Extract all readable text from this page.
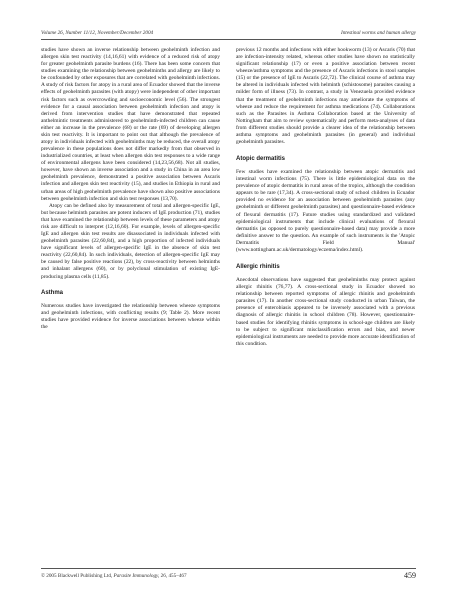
Volume 26, Number 11/12, November/December 2004	Intestinal worms and human allergy

studies have shown an inverse relationship between geohelminth infection and allergen skin test reactivity (14,16,61) with evidence of a reduced risk of atopy for greater geohelminth parasite burdens (16). There has been some concern that studies examining the relationship between geohelminths and allergy are likely to be confounded by other exposures that are correlated with geohelminth infections. A study of risk factors for atopy in a rural area of Ecuador showed that the inverse effects of geohelminth parasites (with atopy) were independent of other important risk factors such as overcrowding and socioeconomic level (56). The strongest evidence for a causal association between geohelminth infection and atopy is derived from intervention studies that have demonstrated that repeated anthelmintic treatments administered to geohelminth-infected children can cause either an increase in the prevalence (68) or the rate (69) of developing allergen skin test reactivity. It is important to point out that although the prevalence of atopy in individuals infected with geohelminths may be reduced, the overall atopy prevalence in these populations does not differ markedly from that observed in industrialized countries, at least when allergen skin test responses to a wide range of environmental allergens have been considered (14,23,56,68). Not all studies, however, have shown an inverse association and a study in China in an area low geohelminth prevalence, demonstrated a positive association between Ascaris infection and allergen skin test reactivity (15), and studies in Ethiopia in rural and urban areas of high geohelminth prevalence have shown also positive associations between geohelminth infection and skin test responses (13,70).

Atopy can be defined also by measurement of total and allergen-specific IgE, but because helminth parasites are potent inducers of IgE production (71), studies that have examined the relationship between levels of these parameters and atopy risk are difficult to interpret (12,16,60). For example, levels of allergen-specific IgE and allergen skin test results are disassociated in individuals infected with geohelminth parasites (22,60,84), and a high proportion of infected individuals have significant levels of allergen-specific IgE in the absence of skin test reactivity (22,60,84). In such individuals, detection of allergen-specific IgE may be caused by false positive reactions (22), by cross-reactivity between helminths and inhalant allergens (60), or by polyclonal stimulation of existing IgE-producing plasma cells (11,85).

Asthma

Numerous studies have investigated the relationship between wheeze symptoms and geohelminth infections, with conflicting results (9; Table 2). More recent studies have provided evidence for inverse associations between wheeze within the

previous 12 months and infections with either hookworm (13) or Ascaris (70) that are infection-intensity related, whereas other studies have shown no statistically significant relationship (17) or even a positive association between recent wheeze/asthma symptoms and the presence of Ascaris infections in stool samples (15) or the presence of IgE to Ascaris (22,72). The clinical course of asthma may be altered in individuals infected with helminth (schistosome) parasites causing a milder form of illness (73). In contrast, a study in Venezuela provided evidence that the treatment of geohelminth infections may ameliorate the symptoms of wheeze and reduce the requirement for asthma medications (74). Collaborations such as the Parasites in Asthma Collaboration based at the University of Nottingham that aim to review systematically and perform meta-analyses of data from different studies should provide a clearer idea of the relationship between asthma symptoms and geohelminth parasites (in general) and individual geohelminth parasites.

Atopic dermatitis

Few studies have examined the relationship between atopic dermatitis and intestinal worm infections (75). There is little epidemiological data on the prevalence of atopic dermatitis in rural areas of the tropics, although the condition appears to be rare (17,34). A cross-sectional study of school children in Ecuador provided no evidence for an association between geohelminth parasites (any geohelminth or different geohelminth parasites) and questionnaire-based evidence of flexural dermatitis (17). Future studies using standardized and validated epidemiological instruments that include clinical evaluations of flexural dermatitis (as opposed to purely questionnaire-based data) may provide a more definitive answer to the question. An example of such instruments is the 'Atopic Dermatitis Field Manual' (www.nottingham.ac.uk/dermatology/eczema/index.html).

Allergic rhinitis

Anecdotal observations have suggested that geohelminths may protect against allergic rhinitis (76,77). A cross-sectional study in Ecuador showed no relationship between reported symptoms of allergic rhinitis and geohelminth parasites (17). In another cross-sectional study conducted in urban Taiwan, the presence of enterobiasis appeared to be inversely associated with a previous diagnosis of allergic rhinitis in school children (78). However, questionnaire-based studies for identifying rhinitis symptoms in school-age children are likely to be subject to significant misclassification errors and bias, and newer epidemiological instruments are needed to provide more accurate identification of this condition.

© 2005 Blackwell Publishing Ltd, Parasite Immunology, 26, 455–467	459
